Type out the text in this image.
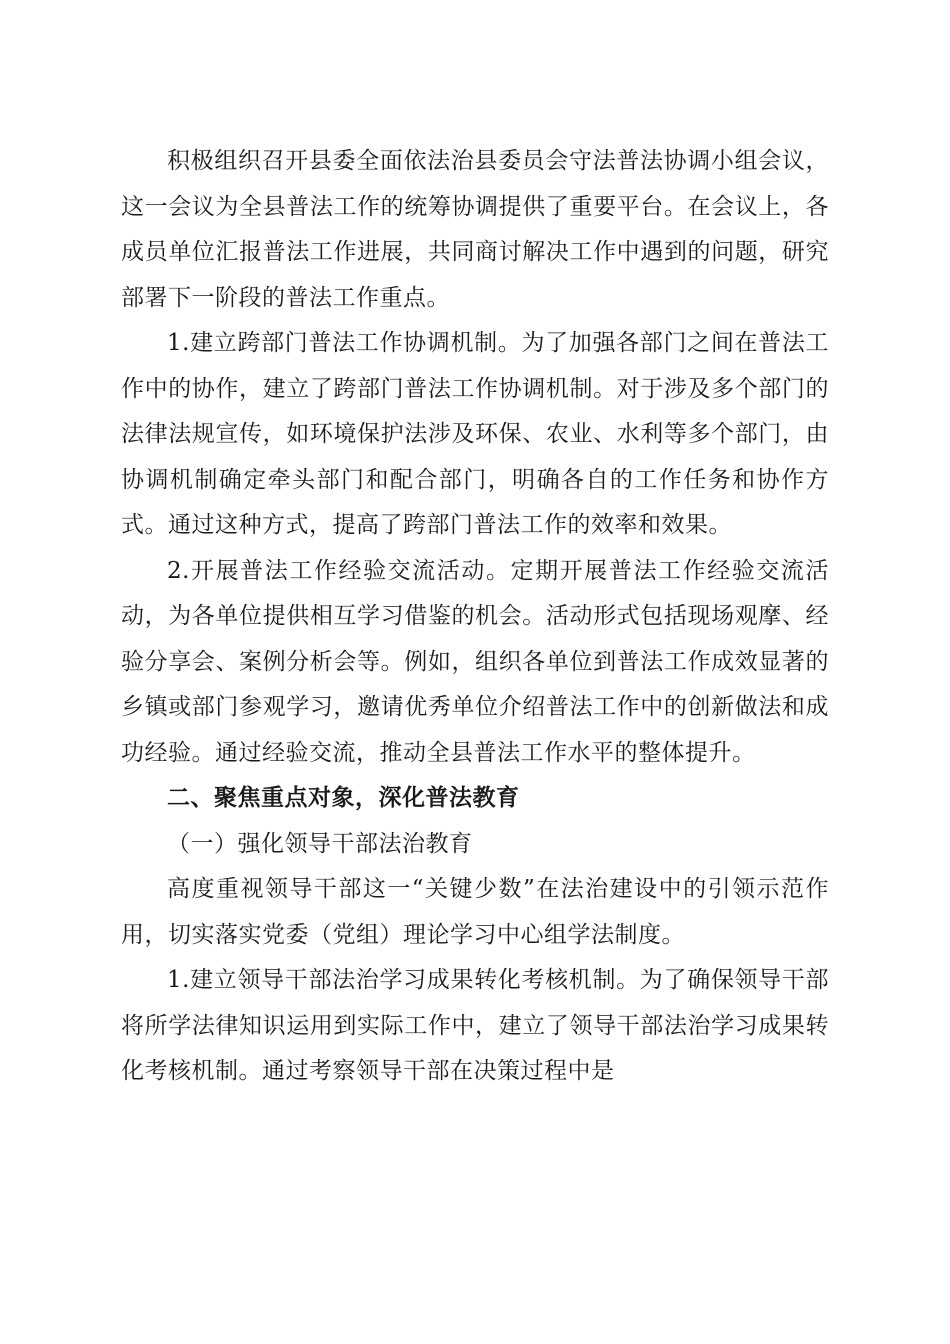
积极组织召开县委全面依法治县委员会守法普法协调小组会议，这一会议为全县普法工作的统筹协调提供了重要平台。在会议上，各成员单位汇报普法工作进展，共同商讨解决工作中遇到的问题，研究部署下一阶段的普法工作重点。

1.建立跨部门普法工作协调机制。为了加强各部门之间在普法工作中的协作，建立了跨部门普法工作协调机制。对于涉及多个部门的法律法规宣传，如环境保护法涉及环保、农业、水利等多个部门，由协调机制确定牵头部门和配合部门，明确各自的工作任务和协作方式。通过这种方式，提高了跨部门普法工作的效率和效果。

2.开展普法工作经验交流活动。定期开展普法工作经验交流活动，为各单位提供相互学习借鉴的机会。活动形式包括现场观摩、经验分享会、案例分析会等。例如，组织各单位到普法工作成效显著的乡镇或部门参观学习，邀请优秀单位介绍普法工作中的创新做法和成功经验。通过经验交流，推动全县普法工作水平的整体提升。

二、聚焦重点对象，深化普法教育

（一）强化领导干部法治教育

高度重视领导干部这一“关键少数”在法治建设中的引领示范作用，切实落实党委（党组）理论学习中心组学法制度。

1.建立领导干部法治学习成果转化考核机制。为了确保领导干部将所学法律知识运用到实际工作中，建立了领导干部法治学习成果转化考核机制。通过考察领导干部在决策过程中是
